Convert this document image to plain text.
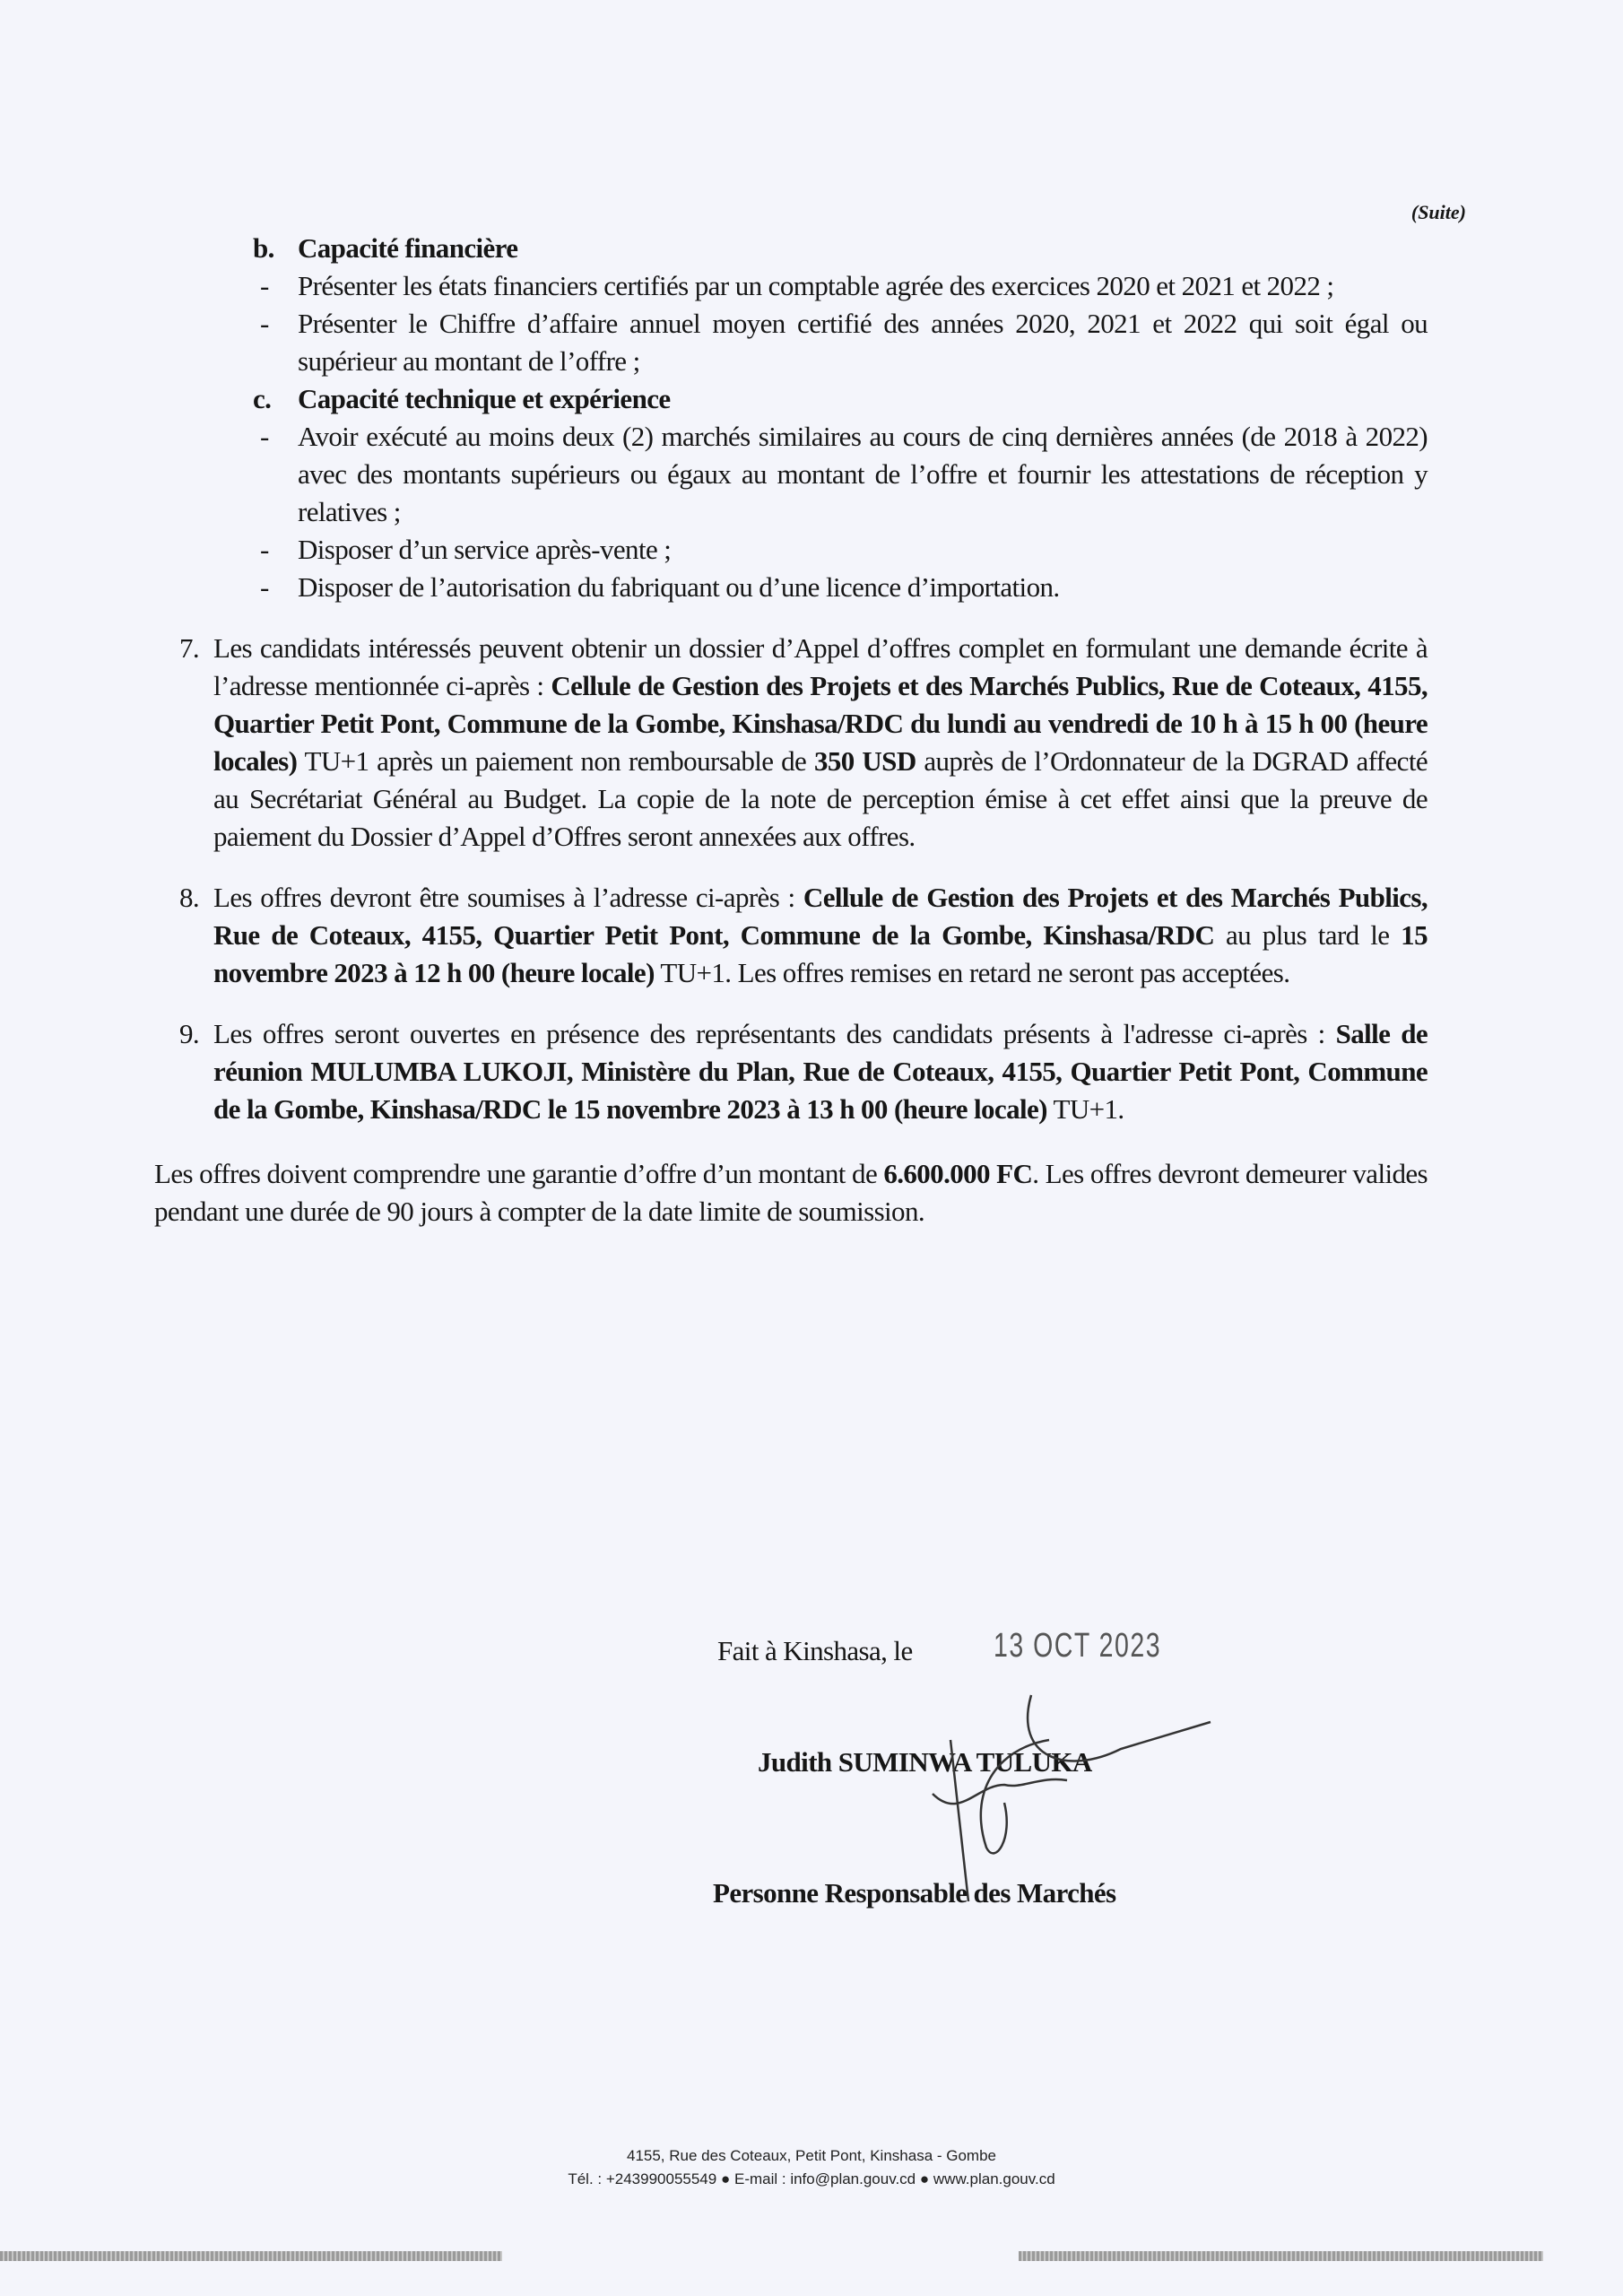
(Suite)
b. Capacité financière
- Présenter les états financiers certifiés par un comptable agrée des exercices 2020 et 2021 et 2022 ;
- Présenter le Chiffre d’affaire annuel moyen certifié des années 2020, 2021 et 2022 qui soit égal ou supérieur au montant de l’offre ;
c. Capacité technique et expérience
- Avoir exécuté au moins deux (2) marchés similaires au cours de cinq dernières années (de 2018 à 2022) avec des montants supérieurs ou égaux au montant de l’offre et fournir les attestations de réception y relatives ;
- Disposer d’un service après-vente ;
- Disposer de l’autorisation du fabriquant ou d’une licence d’importation.
7. Les candidats intéressés peuvent obtenir un dossier d’Appel d’offres complet en formulant une demande écrite à l’adresse mentionnée ci-après : Cellule de Gestion des Projets et des Marchés Publics, Rue de Coteaux, 4155, Quartier Petit Pont, Commune de la Gombe, Kinshasa/RDC du lundi au vendredi de 10 h à 15 h 00 (heure locales) TU+1 après un paiement non remboursable de 350 USD auprès de l’Ordonnateur de la DGRAD affecté au Secrétariat Général au Budget. La copie de la note de perception émise à cet effet ainsi que la preuve de paiement du Dossier d’Appel d’Offres seront annexées aux offres.
8. Les offres devront être soumises à l’adresse ci-après : Cellule de Gestion des Projets et des Marchés Publics, Rue de Coteaux, 4155, Quartier Petit Pont, Commune de la Gombe, Kinshasa/RDC au plus tard le 15 novembre 2023 à 12 h 00 (heure locale) TU+1. Les offres remises en retard ne seront pas acceptées.
9. Les offres seront ouvertes en présence des représentants des candidats présents à l'adresse ci-après : Salle de réunion MULUMBA LUKOJI, Ministère du Plan, Rue de Coteaux, 4155, Quartier Petit Pont, Commune de la Gombe, Kinshasa/RDC le 15 novembre 2023 à 13 h 00 (heure locale) TU+1.
Les offres doivent comprendre une garantie d’offre d’un montant de 6.600.000 FC. Les offres devront demeurer valides pendant une durée de 90 jours à compter de la date limite de soumission.
Fait à Kinshasa, le 13 OCT 2023
Judith SUMINWA TULUKA
Personne Responsable des Marchés
4155, Rue des Coteaux, Petit Pont, Kinshasa - Gombe
Tél. : +243990055549 ● E-mail : info@plan.gouv.cd ● www.plan.gouv.cd
